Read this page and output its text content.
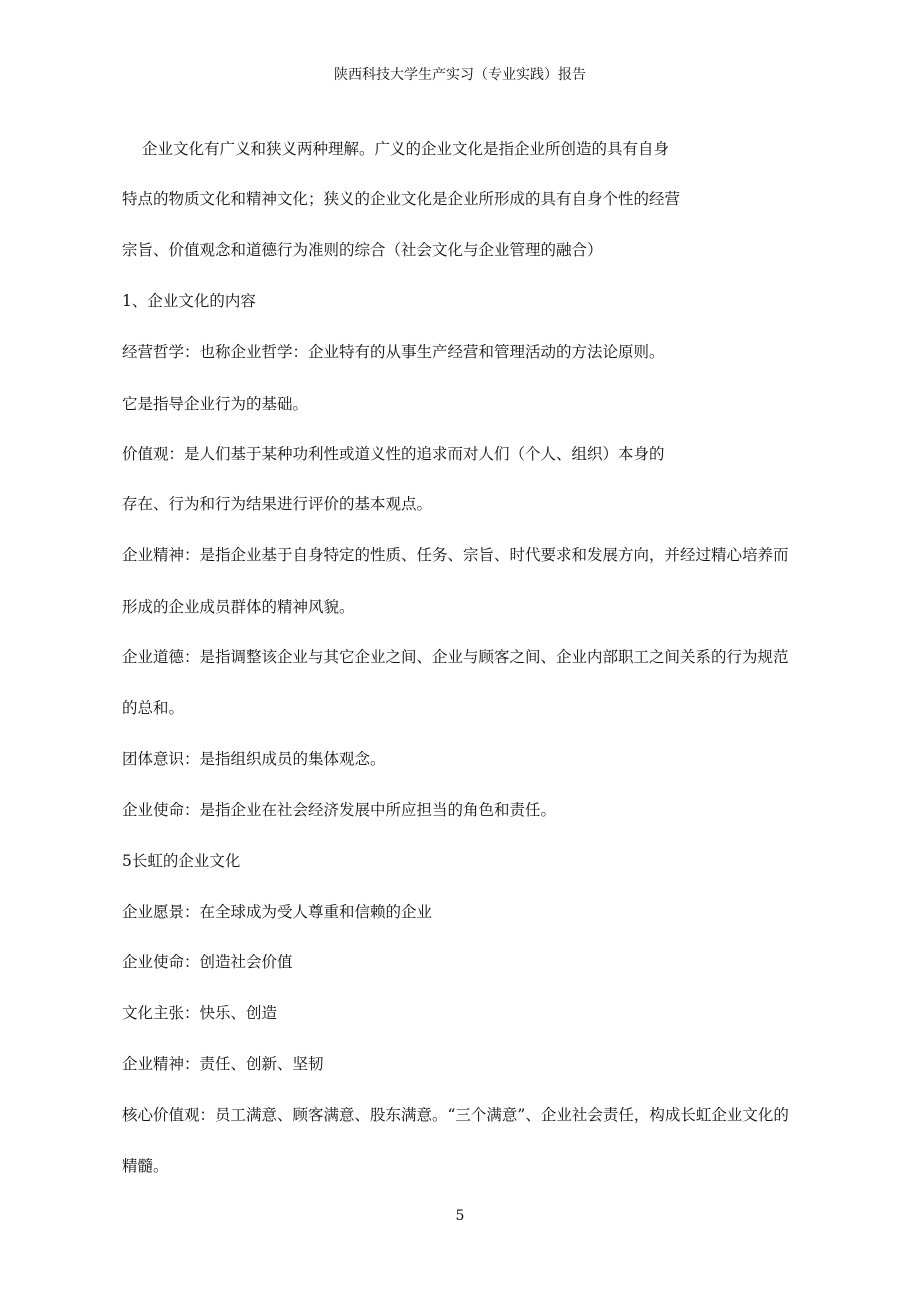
陕西科技大学生产实习（专业实践）报告
企业文化有广义和狭义两种理解。广义的企业文化是指企业所创造的具有自身
特点的物质文化和精神文化；狭义的企业文化是企业所形成的具有自身个性的经营
宗旨、价值观念和道德行为准则的综合（社会文化与企业管理的融合）
1、企业文化的内容
经营哲学：也称企业哲学：企业特有的从事生产经营和管理活动的方法论原则。
它是指导企业行为的基础。
价值观：是人们基于某种功利性或道义性的追求而对人们（个人、组织）本身的
存在、行为和行为结果进行评价的基本观点。
企业精神：是指企业基于自身特定的性质、任务、宗旨、时代要求和发展方向，并经过精心培养而
形成的企业成员群体的精神风貌。
企业道德：是指调整该企业与其它企业之间、企业与顾客之间、企业内部职工之间关系的行为规范
的总和。
团体意识：是指组织成员的集体观念。
企业使命：是指企业在社会经济发展中所应担当的角色和责任。
5长虹的企业文化
企业愿景：在全球成为受人尊重和信赖的企业
企业使命：创造社会价值
文化主张：快乐、创造
企业精神：责任、创新、坚韧
核心价值观：员工满意、顾客满意、股东满意。“三个满意”、企业社会责任，构成长虹企业文化的
精髓。
5
